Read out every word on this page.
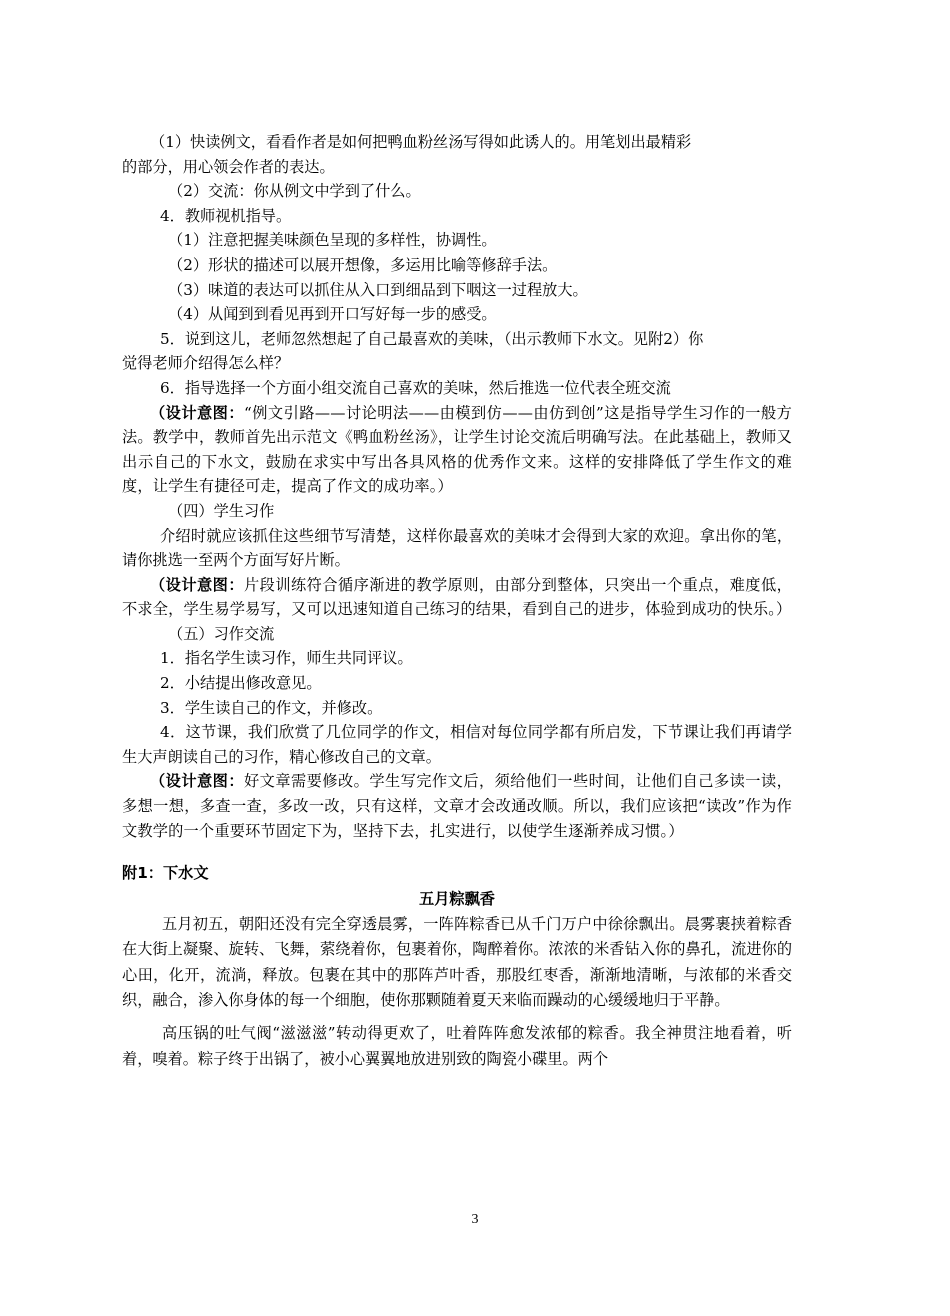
（1）快读例文，看看作者是如何把鸭血粉丝汤写得如此诱人的。用笔划出最精彩

的部分，用心领会作者的表达。

（2）交流：你从例文中学到了什么。

4．教师视机指导。

（1）注意把握美味颜色呈现的多样性，协调性。

（2）形状的描述可以展开想像，多运用比喻等修辞手法。

（3）味道的表达可以抓住从入口到细品到下咽这一过程放大。

（4）从闻到到看见再到开口写好每一步的感受。

5．说到这儿，老师忽然想起了自己最喜欢的美味，（出示教师下水文。见附2）你

觉得老师介绍得怎么样？

6．指导选择一个方面小组交流自己喜欢的美味，然后推选一位代表全班交流

（设计意图：“例文引路——讨论明法——由模到仿——由仿到创”这是指导学生习作的一般方法。教学中，教师首先出示范文《鸭血粉丝汤》，让学生讨论交流后明确写法。在此基础上，教师又出示自己的下水文，鼓励在求实中写出各具风格的优秀作文来。这样的安排降低了学生作文的难度，让学生有捷径可走，提高了作文的成功率。）

（四）学生习作

介绍时就应该抓住这些细节写清楚，这样你最喜欢的美味才会得到大家的欢迎。拿出你的笔，请你挑选一至两个方面写好片断。

（设计意图：片段训练符合循序渐进的教学原则，由部分到整体，只突出一个重点，难度低，不求全，学生易学易写，又可以迅速知道自己练习的结果，看到自己的进步，体验到成功的快乐。）

（五）习作交流

1．指名学生读习作，师生共同评议。

2．小结提出修改意见。

3．学生读自己的作文，并修改。

4．这节课，我们欣赏了几位同学的作文，相信对每位同学都有所启发，下节课让我们再请学生大声朗读自己的习作，精心修改自己的文章。

（设计意图：好文章需要修改。学生写完作文后，须给他们一些时间，让他们自己多读一读，多想一想，多查一查，多改一改，只有这样，文章才会改通改顺。所以，我们应该把“读改”作为作文教学的一个重要环节固定下为，坚持下去，扎实进行，以使学生逐渐养成习惯。）

附1：下水文

五月粽飘香

五月初五，朝阳还没有完全穿透晨雾，一阵阵粽香已从千门万户中徐徐飘出。晨雾裹挟着粽香在大街上凝聚、旋转、飞舞，萦绕着你，包裹着你，陶醉着你。浓浓的米香钻入你的鼻孔，流进你的心田，化开，流淌，释放。包裹在其中的那阵芦叶香，那股红枣香，渐渐地清晰，与浓郁的米香交织，融合，渗入你身体的每一个细胞，使你那颗随着夏天来临而躁动的心缓缓地归于平静。

高压锅的吐气阀“滋滋滋”转动得更欢了，吐着阵阵愈发浓郁的粽香。我全神贯注地看着，听着，嗅着。粽子终于出锅了，被小心翼翼地放进别致的陶瓷小碟里。两个

3
